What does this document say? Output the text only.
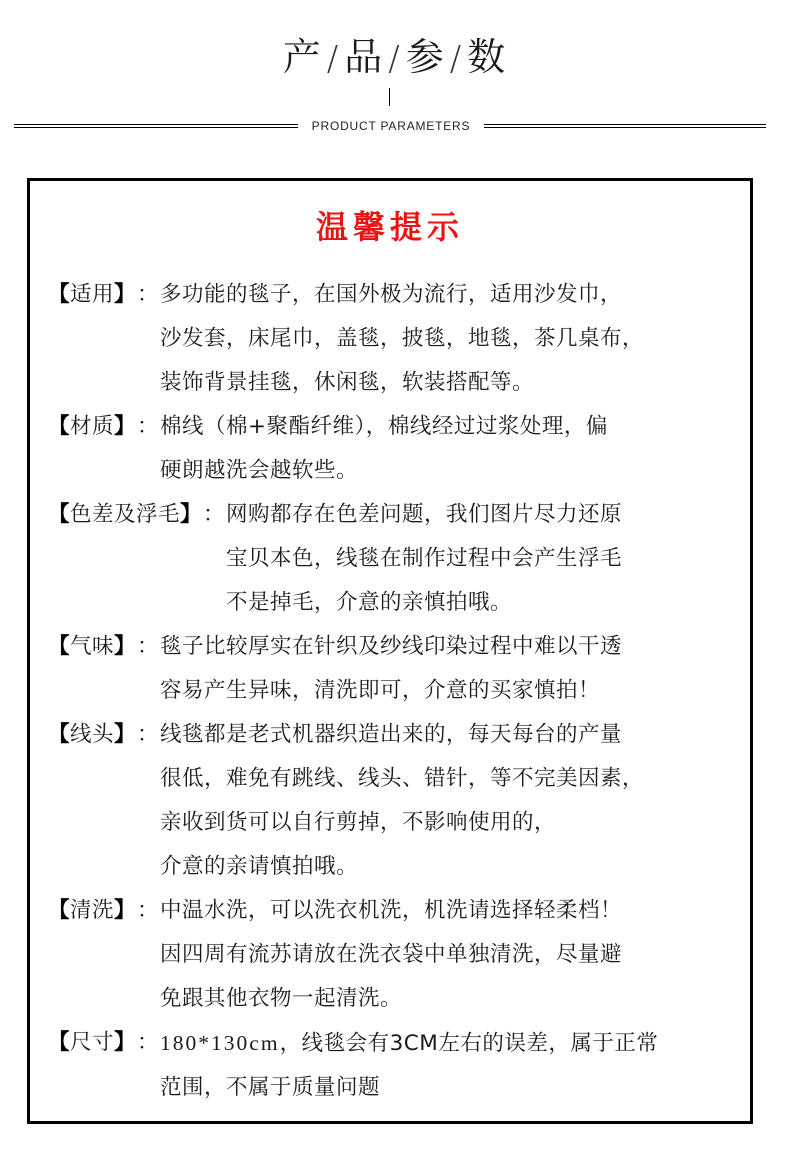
产 / 品 / 参 / 数
PRODUCT PARAMETERS
温馨提示
【适用】 ： 多功能的毯子，在国外极为流行，适用沙发巾，
沙发套，床尾巾，盖毯，披毯，地毯，茶几桌布，
装饰背景挂毯，休闲毯，软装搭配等。
【材质】 ： 棉线（棉+聚酯纤维），棉线经过过浆处理，偏
硬朗越洗会越软些。
【色差及浮毛】 ： 网购都存在色差问题，我们图片尽力还原
宝贝本色，线毯在制作过程中会产生浮毛
不是掉毛，介意的亲慎拍哦。
【气味】 ： 毯子比较厚实在针织及纱线印染过程中难以干透
容易产生异味，清洗即可，介意的买家慎拍！
【线头】 ： 线毯都是老式机器织造出来的，每天每台的产量
很低，难免有跳线、线头、错针，等不完美因素，
亲收到货可以自行剪掉，不影响使用的，
介意的亲请慎拍哦。
【清洗】 ： 中温水洗，可以洗衣机洗，机洗请选择轻柔档！
因四周有流苏请放在洗衣袋中单独清洗，尽量避
免跟其他衣物一起清洗。
【尺寸】 ： 180*130cm，线毯会有3CM左右的误差，属于正常
范围，不属于质量问题
